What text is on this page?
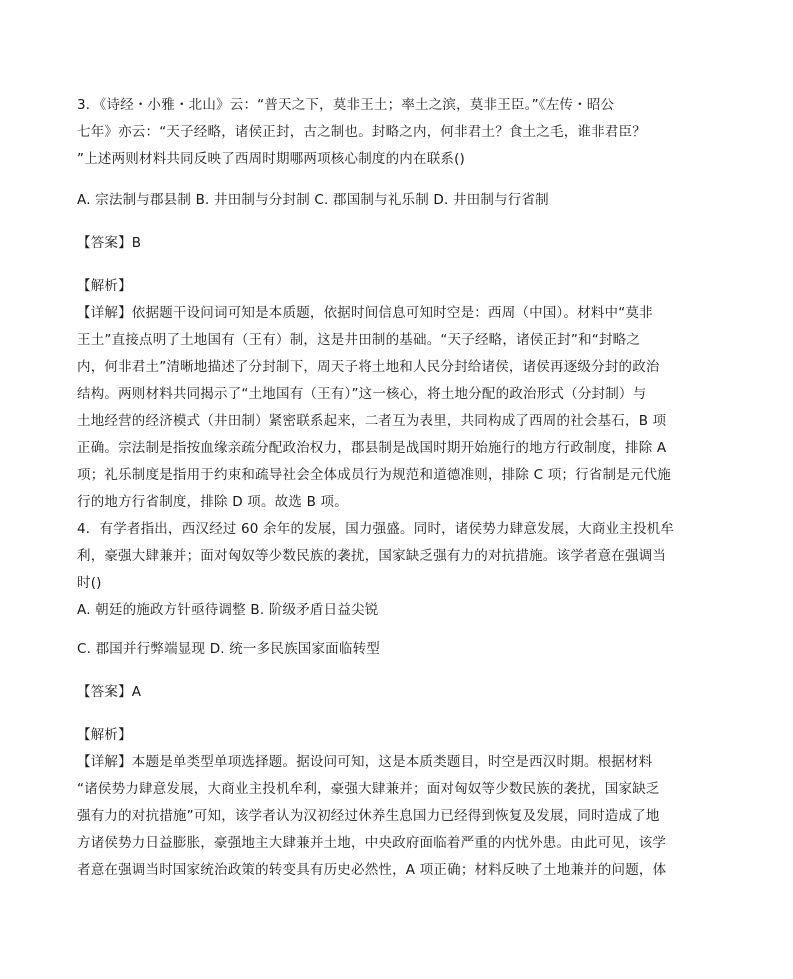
3．《诗经・小雅・北山》云：“普天之下，莫非王土；率土之滨，莫非王臣。”《左传・昭公
七年》亦云：“天子经略，诸侯正封，古之制也。封略之内，何非君土？食土之毛，谁非君臣？
”上述两则材料共同反映了西周时期哪两项核心制度的内在联系()

A. 宗法制与郡县制 B. 井田制与分封制 C. 郡国制与礼乐制 D. 井田制与行省制

【答案】B

【解析】

【详解】依据题干设问词可知是本质题，依据时间信息可知时空是：西周（中国）。材料中“莫非
王土”直接点明了土地国有（王有）制，这是井田制的基础。“天子经略，诸侯正封”和“封略之
内，何非君土”清晰地描述了分封制下，周天子将土地和人民分封给诸侯，诸侯再逐级分封的政治
结构。两则材料共同揭示了“土地国有（王有）”这一核心，将土地分配的政治形式（分封制）与
土地经营的经济模式（井田制）紧密联系起来，二者互为表里，共同构成了西周的社会基石，B 项
正确。宗法制是指按血缘亲疏分配政治权力，郡县制是战国时期开始施行的地方行政制度，排除 A
项；礼乐制度是指用于约束和疏导社会全体成员行为规范和道德准则，排除 C 项；行省制是元代施
行的地方行省制度，排除 D 项。故选 B 项。
4．有学者指出，西汉经过 60 余年的发展，国力强盛。同时，诸侯势力肆意发展，大商业主投机牟
利，豪强大肆兼并；面对匈奴等少数民族的袭扰，国家缺乏强有力的对抗措施。该学者意在强调当
时()

A. 朝廷的施政方针亟待调整 B. 阶级矛盾日益尖锐

C. 郡国并行弊端显现 D. 统一多民族国家面临转型

【答案】A

【解析】

【详解】本题是单类型单项选择题。据设问可知，这是本质类题目，时空是西汉时期。根据材料
“诸侯势力肆意发展，大商业主投机牟利，豪强大肆兼并；面对匈奴等少数民族的袭扰，国家缺乏
强有力的对抗措施”可知，该学者认为汉初经过休养生息国力已经得到恢复及发展，同时造成了地
方诸侯势力日益膨胀，豪强地主大肆兼并土地，中央政府面临着严重的内忧外患。由此可见，该学
者意在强调当时国家统治政策的转变具有历史必然性，A 项正确；材料反映了土地兼并的问题，体
